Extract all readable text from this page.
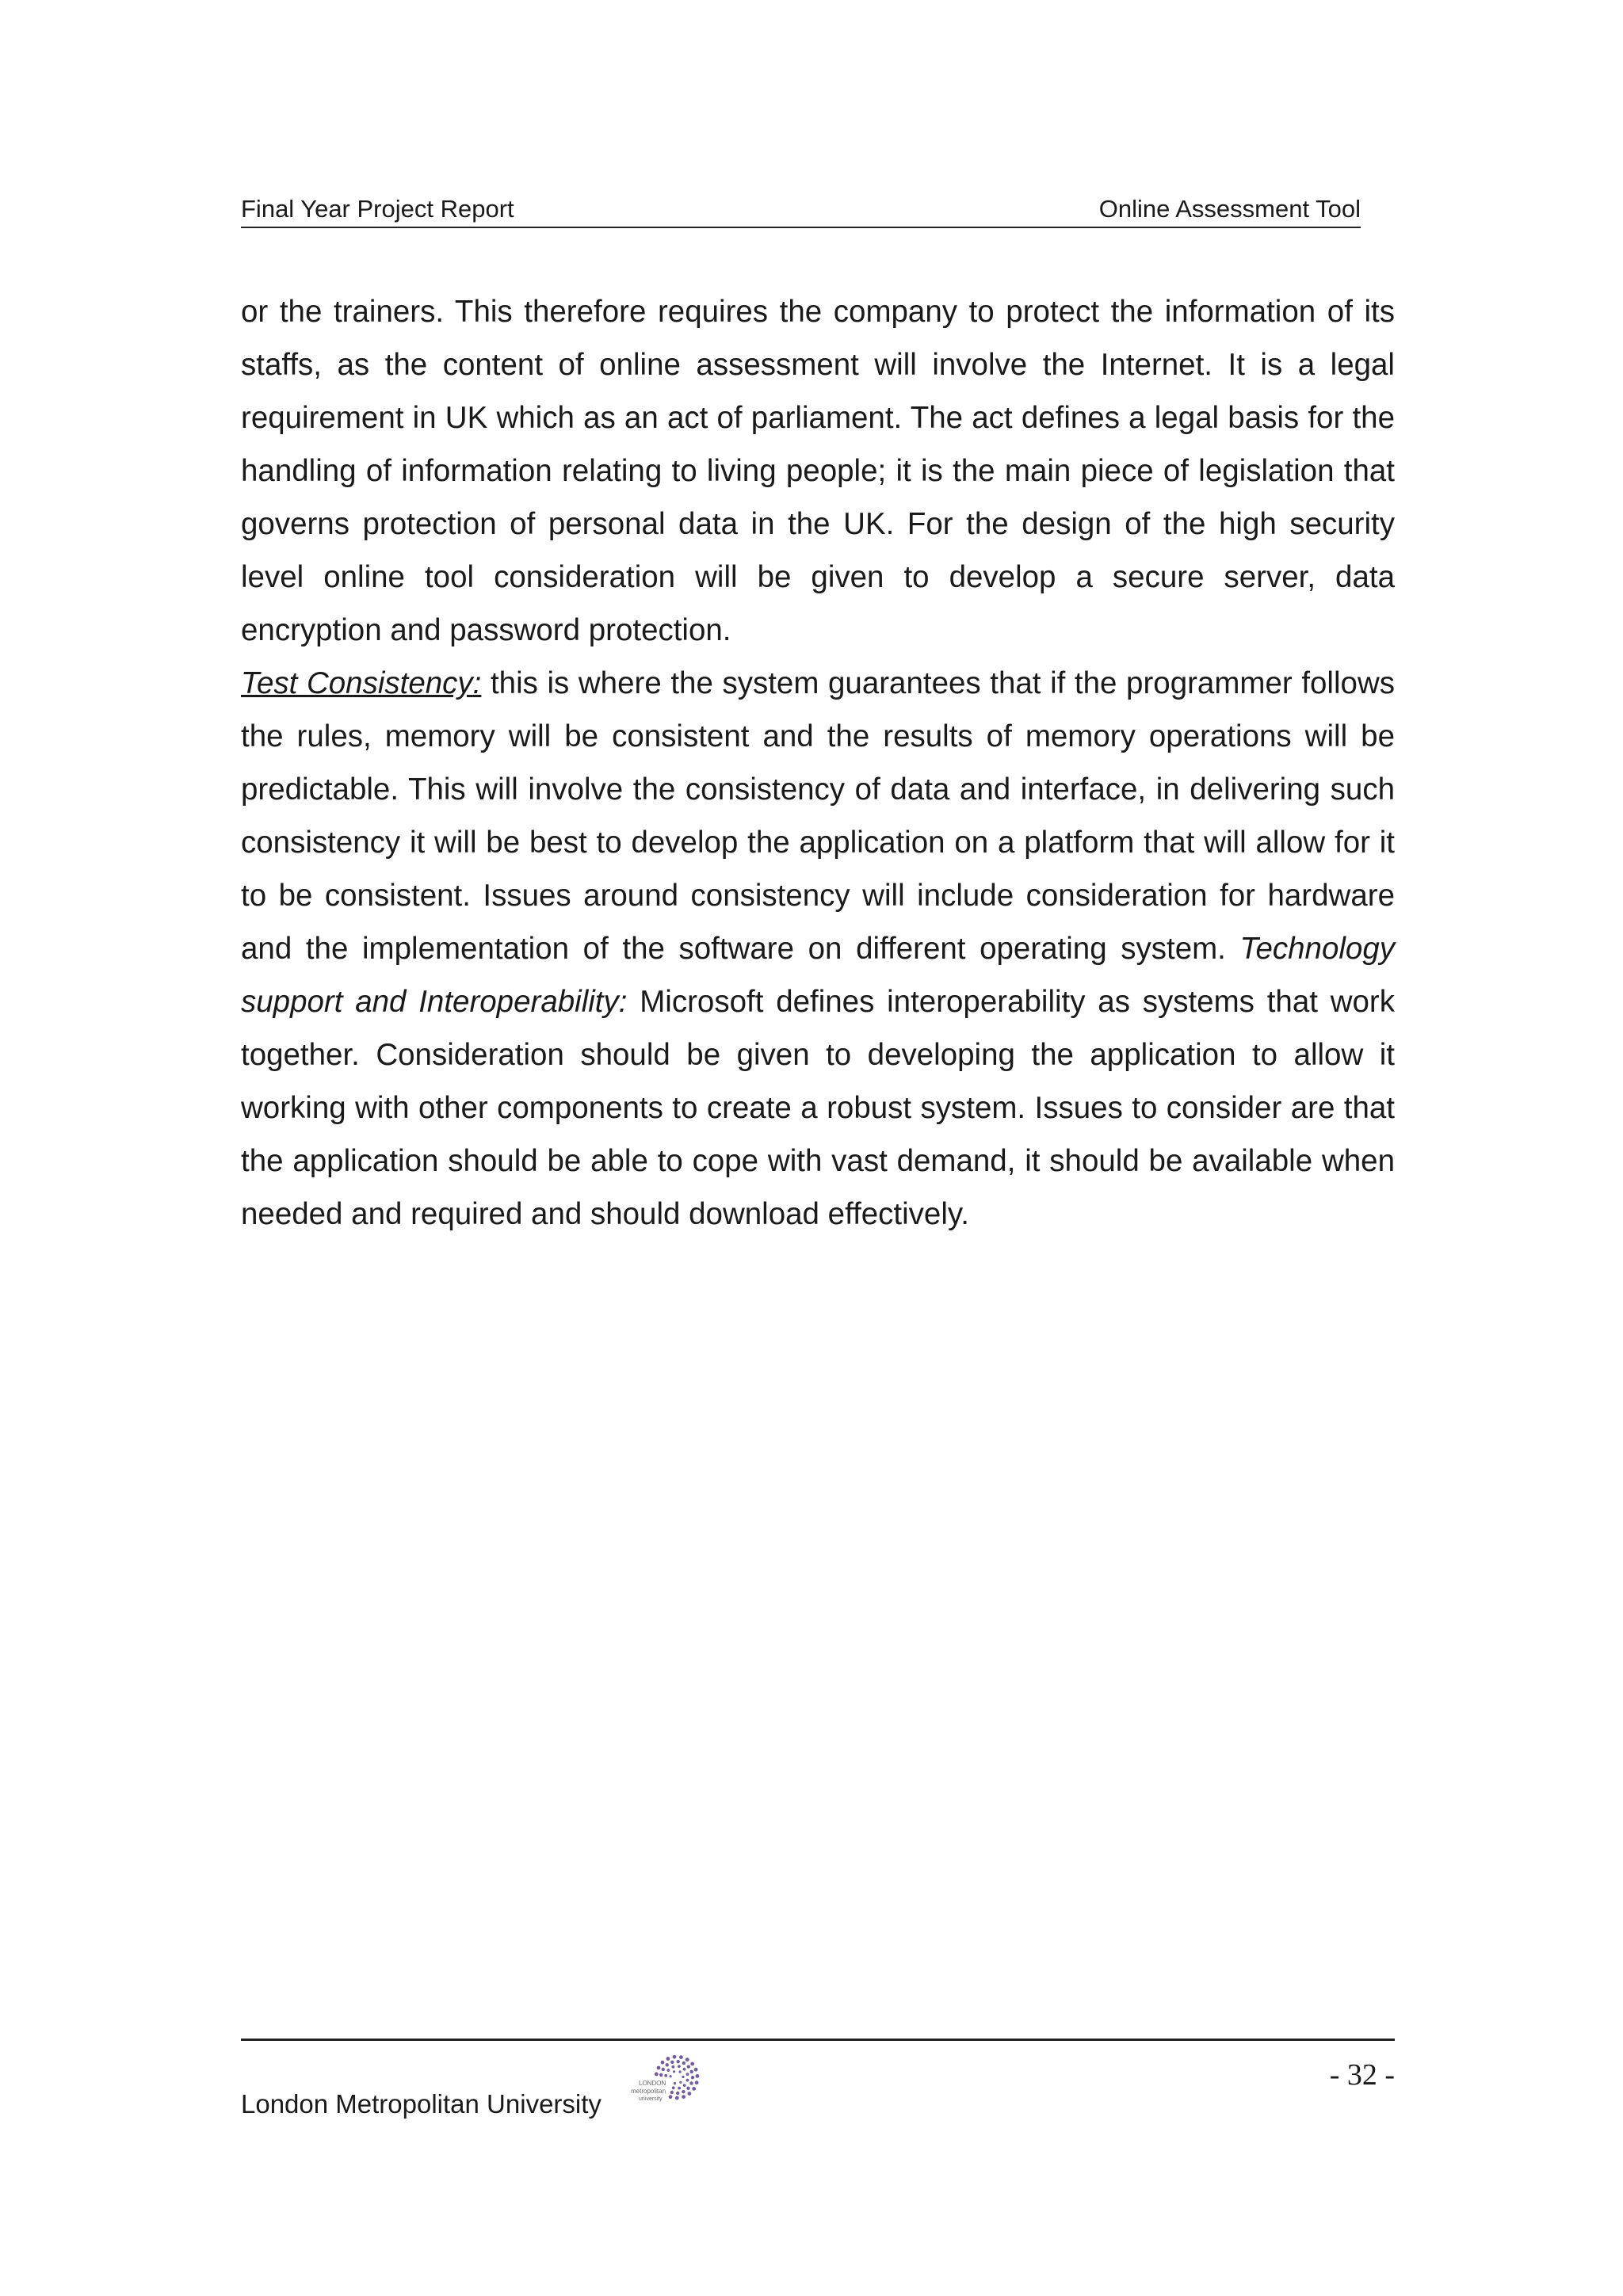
Final Year Project Report	Online Assessment Tool

or the trainers. This therefore requires the company to protect the information of its staffs, as the content of online assessment will involve the Internet. It is a legal requirement in UK which as an act of parliament. The act defines a legal basis for the handling of information relating to living people; it is the main piece of legislation that governs protection of personal data in the UK. For the design of the high security level online tool consideration will be given to develop a secure server, data encryption and password protection.

Test Consistency: this is where the system guarantees that if the programmer follows the rules, memory will be consistent and the results of memory operations will be predictable. This will involve the consistency of data and interface, in delivering such consistency it will be best to develop the application on a platform that will allow for it to be consistent. Issues around consistency will include consideration for hardware and the implementation of the software on different operating system. Technology support and Interoperability: Microsoft defines interoperability as systems that work together. Consideration should be given to developing the application to allow it working with other components to create a robust system. Issues to consider are that the application should be able to cope with vast demand, it should be available when needed and required and should download effectively.

- 32 -
London Metropolitan University
LONDON
metropolitan
university
